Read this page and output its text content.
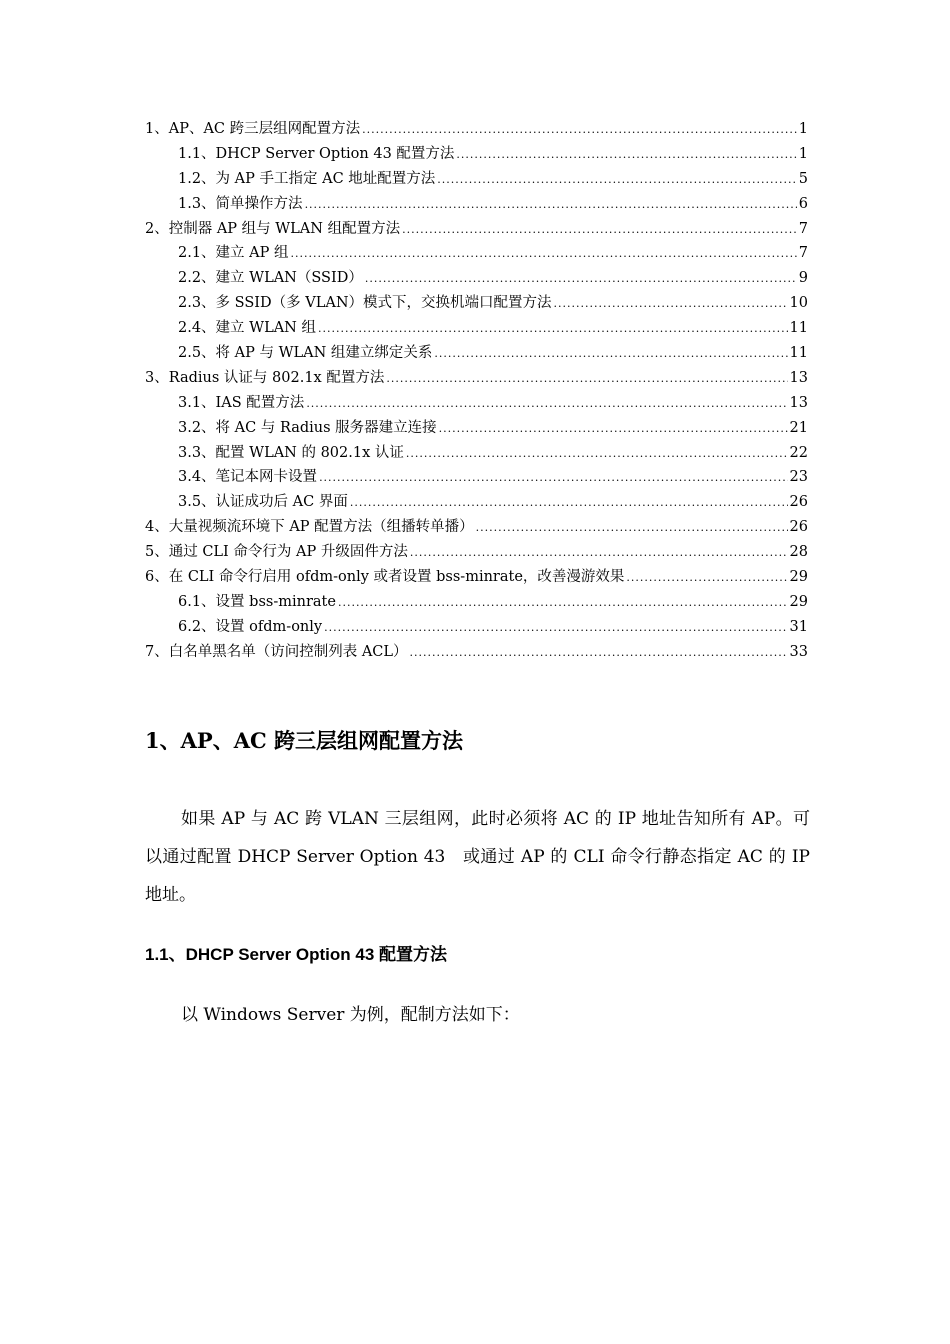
1、AP、AC 跨三层组网配置方法 .....	1
1.1、DHCP Server Option 43 配置方法 .....	1
1.2、为 AP 手工指定 AC 地址配置方法 .....	5
1.3、简单操作方法 .....	6
2、控制器 AP 组与 WLAN 组配置方法 .....	7
2.1、建立 AP 组 .....	7
2.2、建立 WLAN（SSID） .....	9
2.3、多 SSID（多 VLAN）模式下，交换机端口配置方法 .....	10
2.4、建立 WLAN 组 .....	11
2.5、将 AP 与 WLAN 组建立绑定关系 .....	11
3、Radius 认证与 802.1x 配置方法 .....	13
3.1、IAS 配置方法 .....	13
3.2、将 AC 与 Radius 服务器建立连接 .....	21
3.3、配置 WLAN 的 802.1x 认证 .....	22
3.4、笔记本网卡设置 .....	23
3.5、认证成功后 AC 界面 .....	26
4、大量视频流环境下 AP 配置方法（组播转单播） .....	26
5、通过 CLI 命令行为 AP 升级固件方法 .....	28
6、在 CLI 命令行启用 ofdm-only 或者设置 bss-minrate，改善漫游效果 .....	29
6.1、设置 bss-minrate .....	29
6.2、设置 ofdm-only .....	31
7、白名单黑名单（访问控制列表 ACL） .....	33
1、AP、AC 跨三层组网配置方法
如果 AP 与 AC 跨 VLAN 三层组网，此时必须将 AC 的 IP 地址告知所有 AP。可以通过配置 DHCP Server Option 43　或通过 AP 的 CLI 命令行静态指定 AC 的 IP 地址。
1.1、DHCP Server Option 43 配置方法
以 Windows Server 为例，配制方法如下：
